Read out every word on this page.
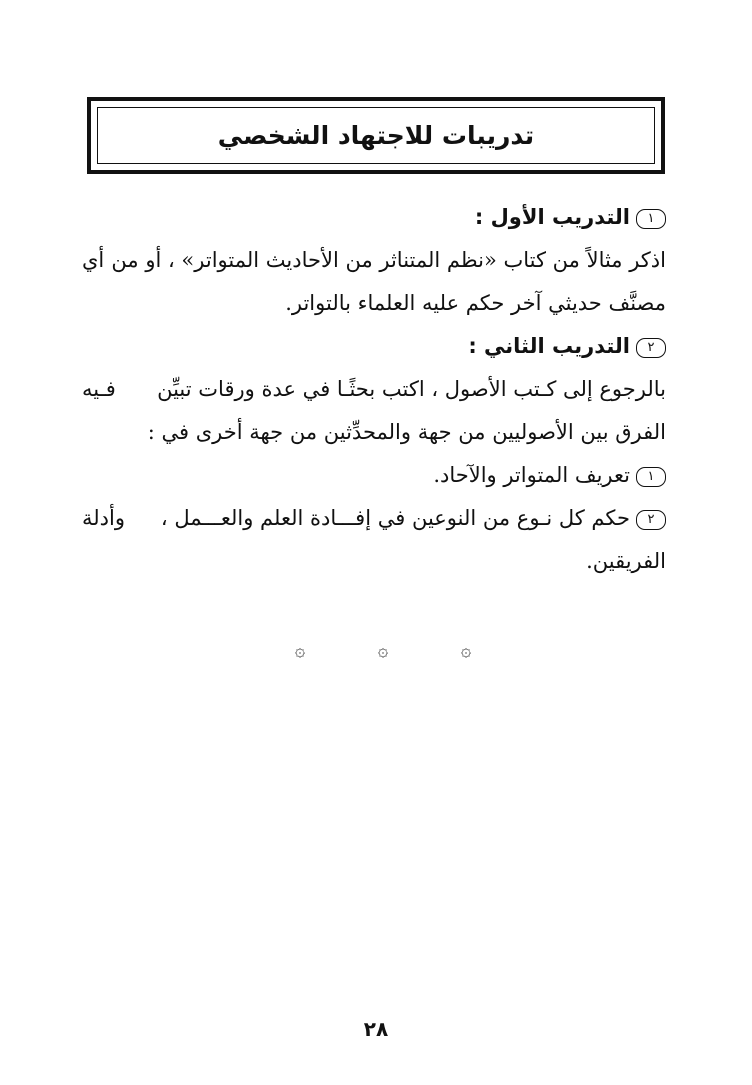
تدريبات للاجتهاد الشخصي
١التدريب الأول :
اذكر مثالاً من كتاب «نظم المتناثر من الأحاديث المتواتر» ، أو من
أي
مصنَّف حديثي آخر حكم عليه العلماء بالتواتر.
٢التدريب الثاني :
بالرجوع إلى كـتب الأصول ، اكتب بحثًـا في عدة ورقات تبيِّن
فـيه
الفرق بين الأصوليين من جهة والمحدِّثين من جهة أخرى في :
١تعريف المتواتر والآحاد.
٢حكم كل نـوع من النوعين في إفـــادة العلم والعـــمل ،
وأدلة
الفريقين.
۞	۞	۞
٢٨
